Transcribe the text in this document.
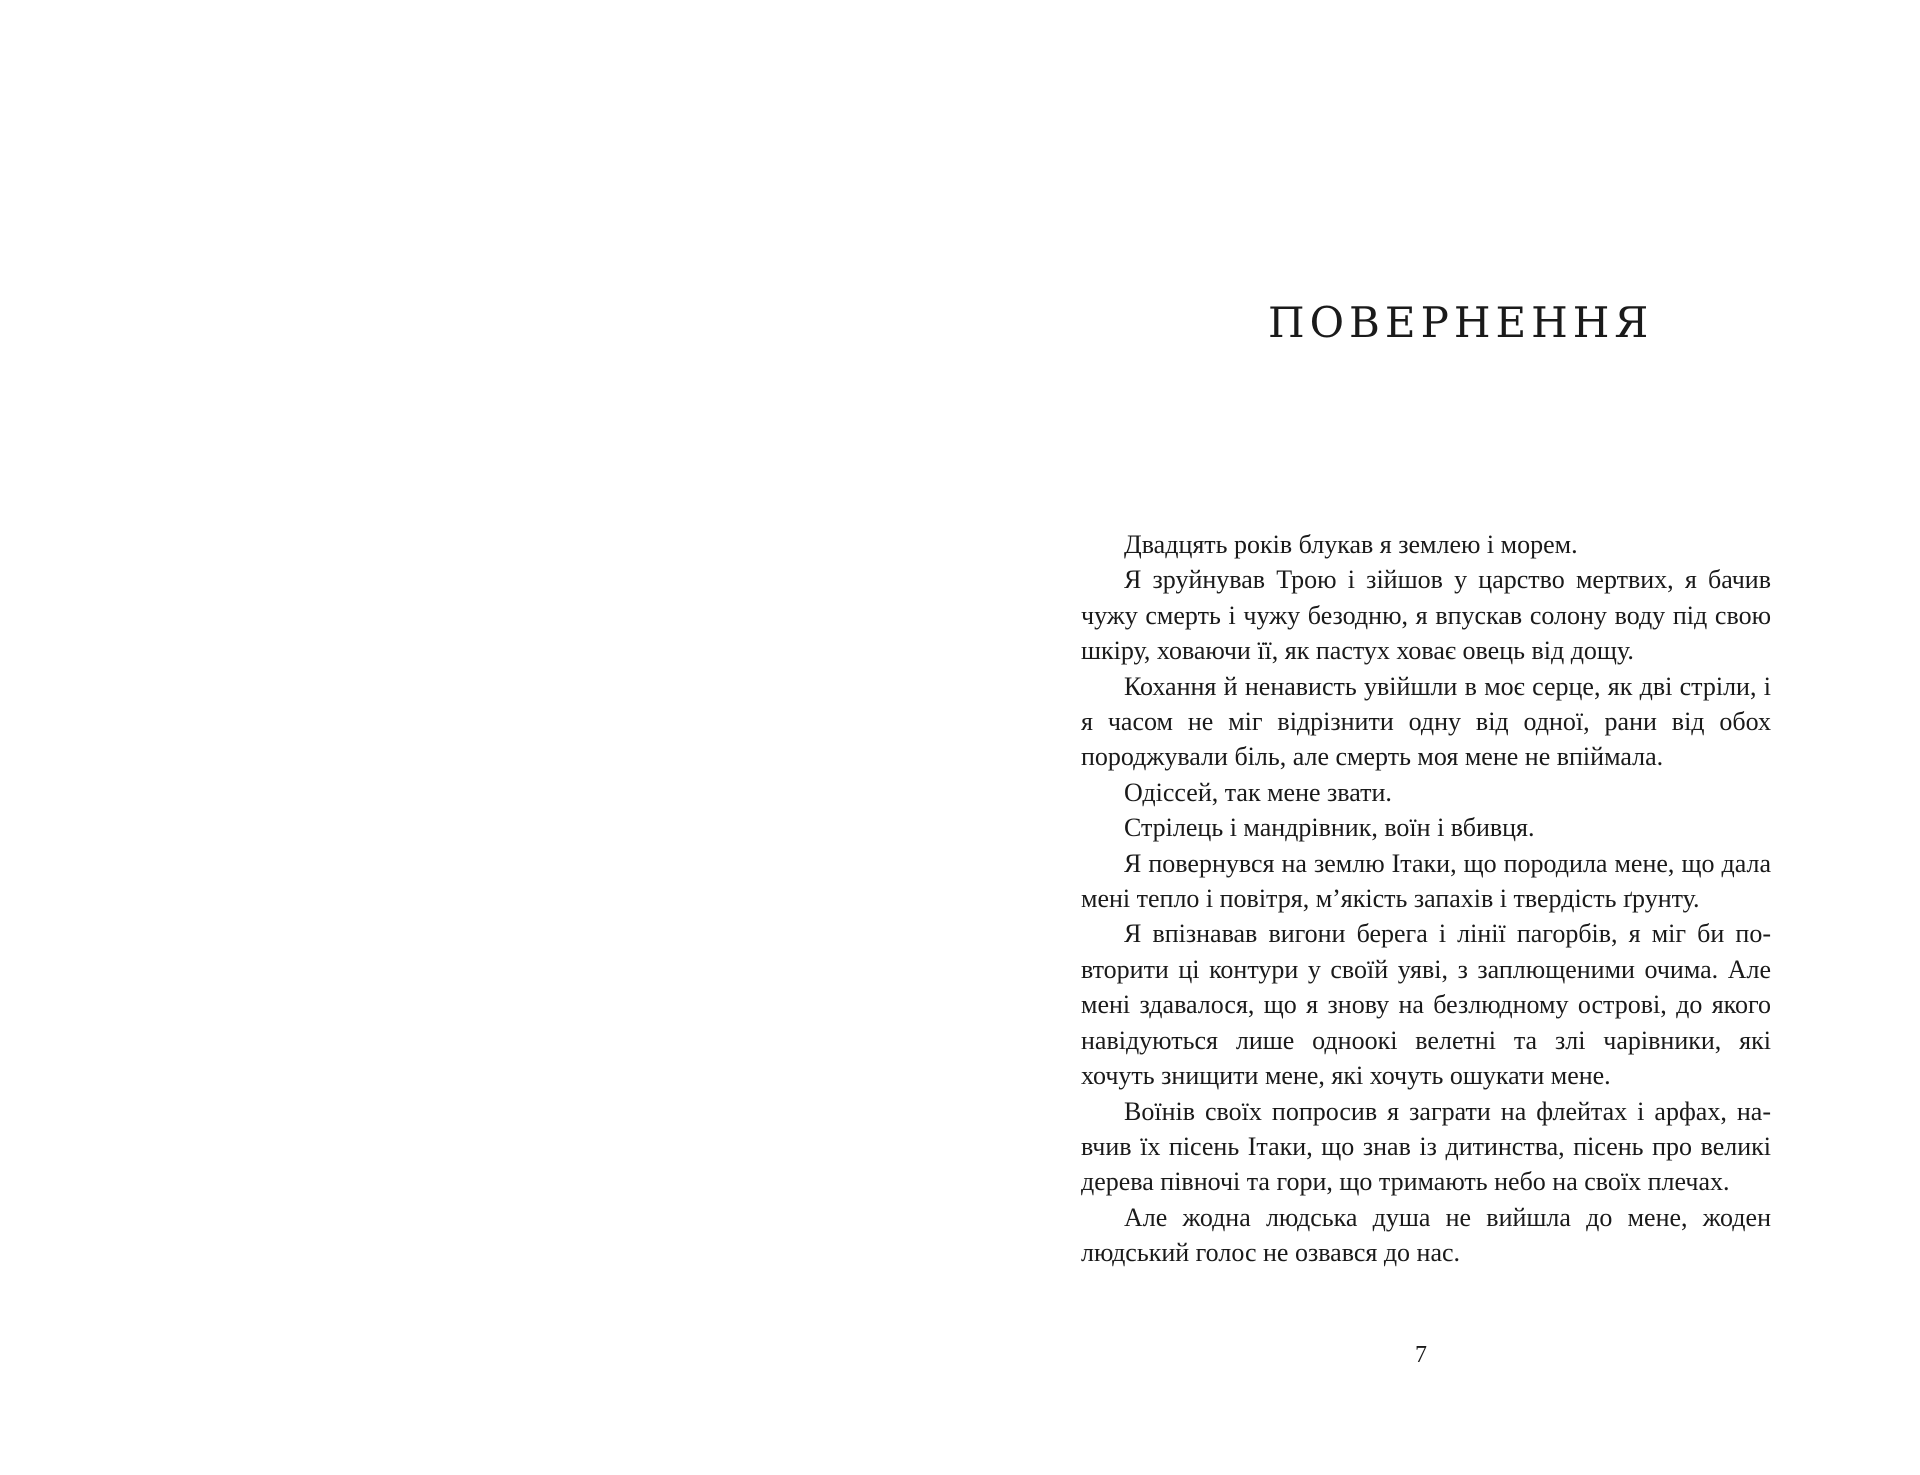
ПОВЕРНЕННЯ

Двадцять років блукав я землею і морем.

Я зруйнував Трою і зійшов у царство мертвих, я бачив чужу смерть і чужу безодню, я впускав солону воду під свою шкіру, ховаючи її, як пастух ховає овець від дощу.

Кохання й ненависть увійшли в моє серце, як дві стріли, і я часом не міг відрізнити одну від одної, рани від обох породжували біль, але смерть моя мене не впіймала.

Одіссей, так мене звати.

Стрілець і мандрівник, воїн і вбивця.

Я повернувся на землю Ітаки, що породила мене, що дала мені тепло і повітря, м’якість запахів і твердість ґрунту.

Я впізнавав вигони берега і лінії пагорбів, я міг би повторити ці контури у своїй уяві, з заплющеними очима. Але мені здавалося, що я знову на безлюдному острові, до якого навідуються лише одноокі велетні та злі чарівники, які хочуть знищити мене, які хочуть ошукати мене.

Воїнів своїх попросив я заграти на флейтах і арфах, навчив їх пісень Ітаки, що знав із дитинства, пісень про великі дерева півночі та гори, що тримають небо на своїх плечах.

Але жодна людська душа не вийшла до мене, жоден людський голос не озвався до нас.

7
